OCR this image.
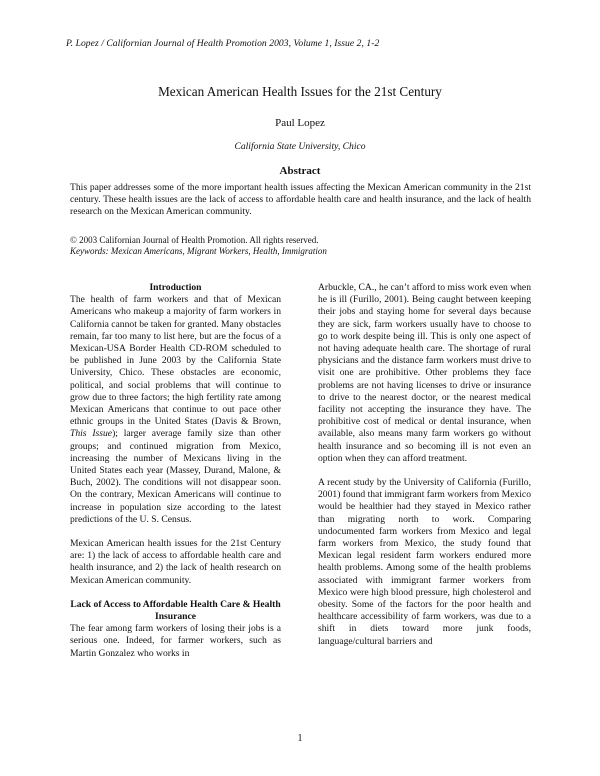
P. Lopez / Californian Journal of Health Promotion 2003, Volume 1, Issue 2, 1-2
Mexican American Health Issues for the 21st Century
Paul Lopez
California State University, Chico
Abstract

This paper addresses some of the more important health issues affecting the Mexican American community in the 21st century. These health issues are the lack of access to affordable health care and health insurance, and the lack of health research on the Mexican American community.

© 2003 Californian Journal of Health Promotion. All rights reserved.
Keywords: Mexican Americans, Migrant Workers, Health, Immigration
Introduction

The health of farm workers and that of Mexican Americans who makeup a majority of farm workers in California cannot be taken for granted. Many obstacles remain, far too many to list here, but are the focus of a Mexican-USA Border Health CD-ROM scheduled to be published in June 2003 by the California State University, Chico. These obstacles are economic, political, and social problems that will continue to grow due to three factors; the high fertility rate among Mexican Americans that continue to out pace other ethnic groups in the United States (Davis & Brown, This Issue); larger average family size than other groups; and continued migration from Mexico, increasing the number of Mexicans living in the United States each year (Massey, Durand, Malone, & Buch, 2002). The conditions will not disappear soon. On the contrary, Mexican Americans will continue to increase in population size according to the latest predictions of the U. S. Census.

Mexican American health issues for the 21st Century are: 1) the lack of access to affordable health care and health insurance, and 2) the lack of health research on Mexican American community.

Lack of Access to Affordable Health Care & Health Insurance

The fear among farm workers of losing their jobs is a serious one. Indeed, for farmer workers, such as Martin Gonzalez who works in

Arbuckle, CA., he can’t afford to miss work even when he is ill (Furillo, 2001). Being caught between keeping their jobs and staying home for several days because they are sick, farm workers usually have to choose to go to work despite being ill. This is only one aspect of not having adequate health care. The shortage of rural physicians and the distance farm workers must drive to visit one are prohibitive. Other problems they face problems are not having licenses to drive or insurance to drive to the nearest doctor, or the nearest medical facility not accepting the insurance they have. The prohibitive cost of medical or dental insurance, when available, also means many farm workers go without health insurance and so becoming ill is not even an option when they can afford treatment.

A recent study by the University of California (Furillo, 2001) found that immigrant farm workers from Mexico would be healthier had they stayed in Mexico rather than migrating north to work. Comparing undocumented farm workers from Mexico and legal farm workers from Mexico, the study found that Mexican legal resident farm workers endured more health problems. Among some of the health problems associated with immigrant farmer workers from Mexico were high blood pressure, high cholesterol and obesity. Some of the factors for the poor health and healthcare accessibility of farm workers, was due to a shift in diets toward more junk foods, language/cultural barriers and

1
